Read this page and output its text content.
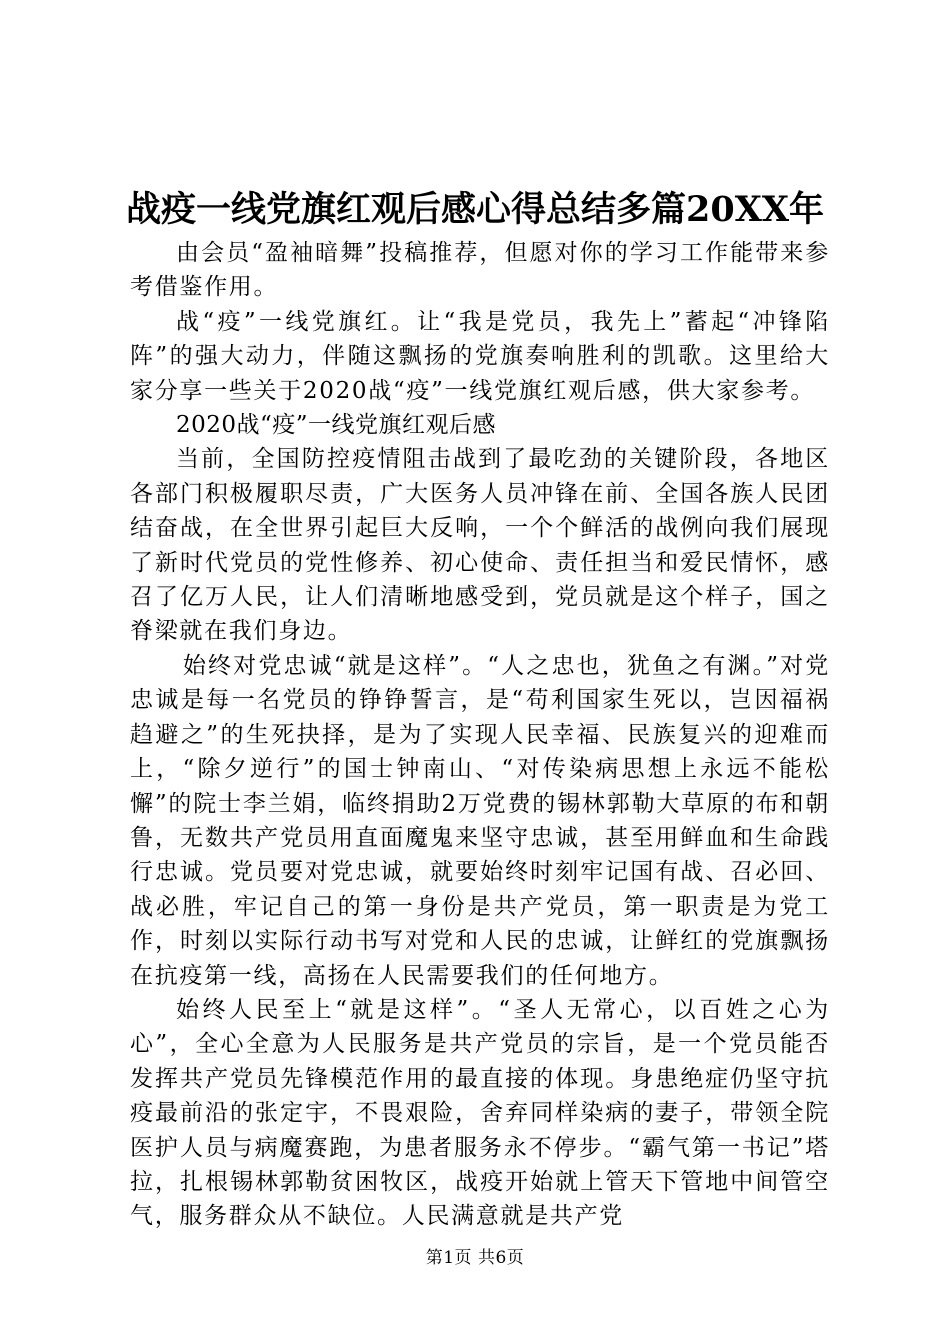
战疫一线党旗红观后感心得总结多篇20XX年

由会员“盈袖暗舞”投稿推荐，但愿对你的学习工作能带来参考借鉴作用。

战“疫”一线党旗红。让“我是党员，我先上”蓄起“冲锋陷阵”的强大动力，伴随这飘扬的党旗奏响胜利的凯歌。这里给大家分享一些关于2020战“疫”一线党旗红观后感，供大家参考。

2020战“疫”一线党旗红观后感

当前，全国防控疫情阻击战到了最吃劲的关键阶段，各地区各部门积极履职尽责，广大医务人员冲锋在前、全国各族人民团结奋战，在全世界引起巨大反响，一个个鲜活的战例向我们展现了新时代党员的党性修养、初心使命、责任担当和爱民情怀，感召了亿万人民，让人们清晰地感受到，党员就是这个样子，国之脊梁就在我们身边。

始终对党忠诚“就是这样”。“人之忠也，犹鱼之有渊。”对党忠诚是每一名党员的铮铮誓言，是“苟利国家生死以，岂因福祸趋避之”的生死抉择，是为了实现人民幸福、民族复兴的迎难而上，“除夕逆行”的国士钟南山、“对传染病思想上永远不能松懈”的院士李兰娟，临终捐助2万党费的锡林郭勒大草原的布和朝鲁，无数共产党员用直面魔鬼来坚守忠诚，甚至用鲜血和生命践行忠诚。党员要对党忠诚，就要始终时刻牢记国有战、召必回、战必胜，牢记自己的第一身份是共产党员，第一职责是为党工作，时刻以实际行动书写对党和人民的忠诚，让鲜红的党旗飘扬在抗疫第一线，高扬在人民需要我们的任何地方。

始终人民至上“就是这样”。“圣人无常心，以百姓之心为心”，全心全意为人民服务是共产党员的宗旨，是一个党员能否发挥共产党员先锋模范作用的最直接的体现。身患绝症仍坚守抗疫最前沿的张定宇，不畏艰险，舍弃同样染病的妻子，带领全院医护人员与病魔赛跑，为患者服务永不停步。“霸气第一书记”塔拉，扎根锡林郭勒贫困牧区，战疫开始就上管天下管地中间管空气，服务群众从不缺位。人民满意就是共产党

第1页 共6页
